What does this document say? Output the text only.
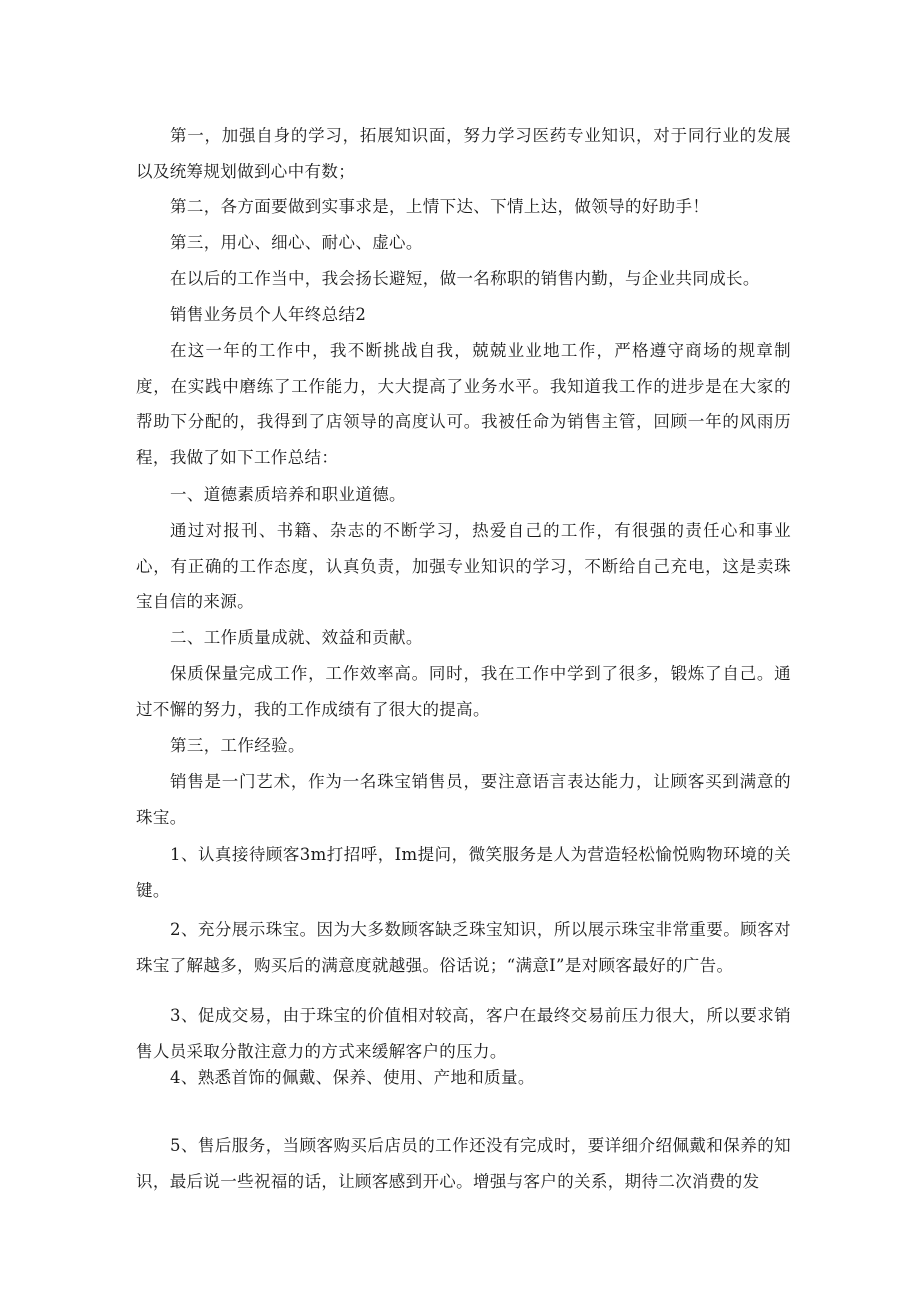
第一，加强自身的学习，拓展知识面，努力学习医药专业知识，对于同行业的发展以及统筹规划做到心中有数；

第二，各方面要做到实事求是，上情下达、下情上达，做领导的好助手！

第三，用心、细心、耐心、虚心。

在以后的工作当中，我会扬长避短，做一名称职的销售内勤，与企业共同成长。

销售业务员个人年终总结2

在这一年的工作中，我不断挑战自我，兢兢业业地工作，严格遵守商场的规章制度，在实践中磨练了工作能力，大大提高了业务水平。我知道我工作的进步是在大家的帮助下分配的，我得到了店领导的高度认可。我被任命为销售主管，回顾一年的风雨历程，我做了如下工作总结：

一、道德素质培养和职业道德。

通过对报刊、书籍、杂志的不断学习，热爱自己的工作，有很强的责任心和事业心，有正确的工作态度，认真负责，加强专业知识的学习，不断给自己充电，这是卖珠宝自信的来源。

二、工作质量成就、效益和贡献。

保质保量完成工作，工作效率高。同时，我在工作中学到了很多，锻炼了自己。通过不懈的努力，我的工作成绩有了很大的提高。

第三，工作经验。

销售是一门艺术，作为一名珠宝销售员，要注意语言表达能力，让顾客买到满意的珠宝。

1、认真接待顾客3m打招呼，Im提问，微笑服务是人为营造轻松愉悦购物环境的关键。

2、充分展示珠宝。因为大多数顾客缺乏珠宝知识，所以展示珠宝非常重要。顾客对珠宝了解越多，购买后的满意度就越强。俗话说；“满意I”是对顾客最好的广告。

3、促成交易，由于珠宝的价值相对较高，客户在最终交易前压力很大，所以要求销售人员采取分散注意力的方式来缓解客户的压力。

4、熟悉首饰的佩戴、保养、使用、产地和质量。

5、售后服务，当顾客购买后店员的工作还没有完成时，要详细介绍佩戴和保养的知识，最后说一些祝福的话，让顾客感到开心。增强与客户的关系，期待二次消费的发
